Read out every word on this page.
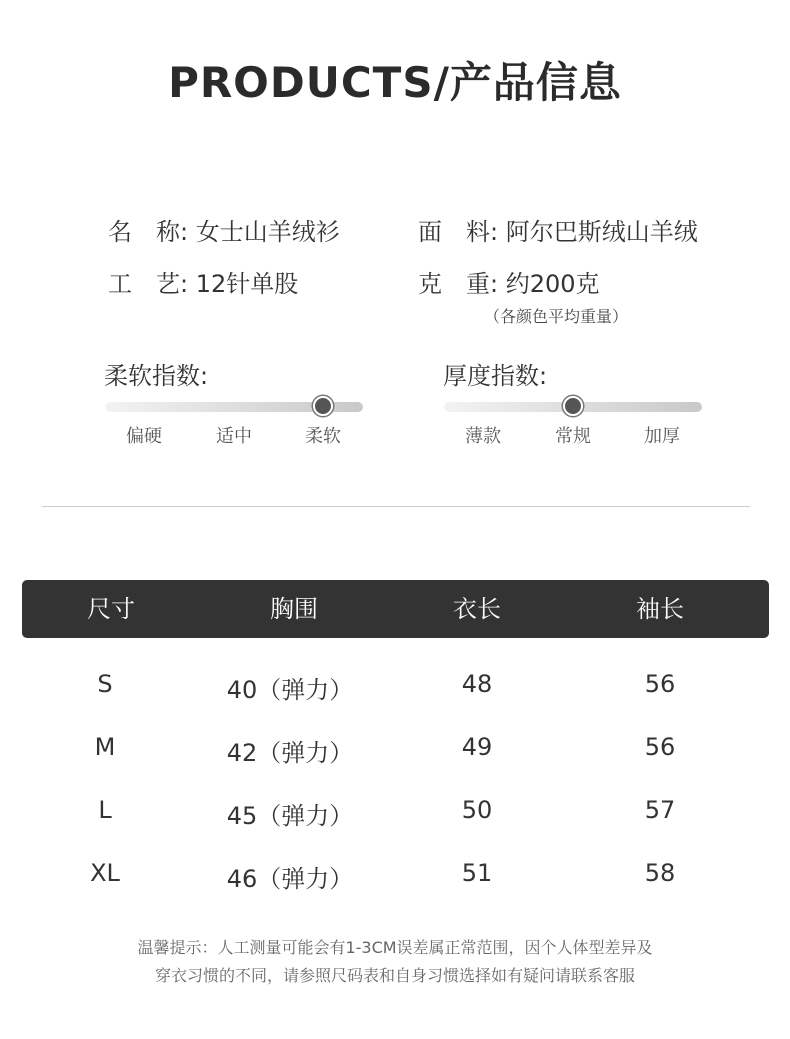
PRODUCTS/产品信息
名　称: 女士山羊绒衫	面　料: 阿尔巴斯绒山羊绒
工　艺: 12针单股	克　重: 约200克
（各颜色平均重量）
柔软指数:
偏硬	适中	柔软
厚度指数:
薄款	常规	加厚
尺寸	胸围	衣长	袖长
S	40（弹力）	48	56
M	42（弹力）	49	56
L	45（弹力）	50	57
XL	46（弹力）	51	58
温馨提示：人工测量可能会有1-3CM误差属正常范围，因个人体型差异及
穿衣习惯的不同，请参照尺码表和自身习惯选择如有疑问请联系客服
